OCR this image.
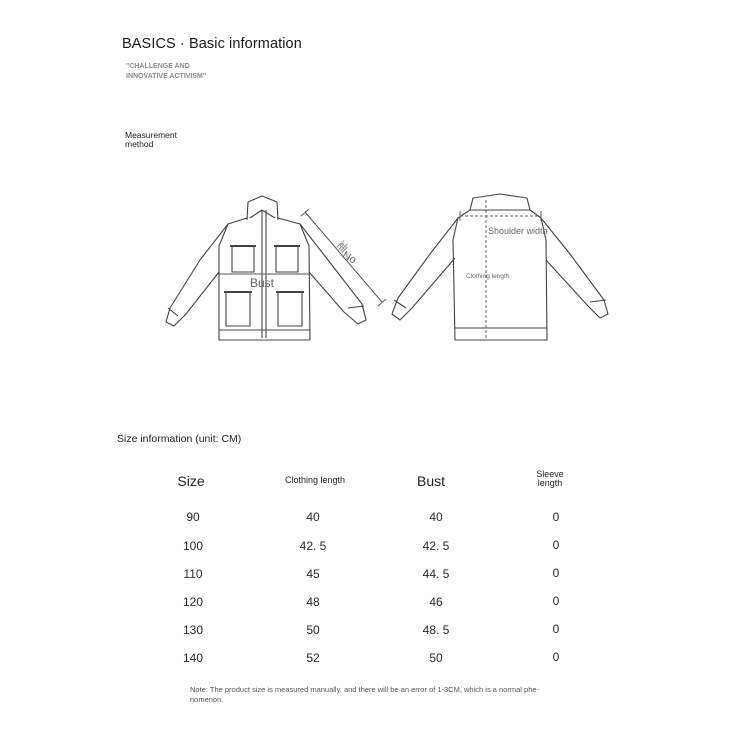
BASICS · Basic information
"CHALLENGE AND
INNOVATIVE ACTIVISM"
Measurement
method
Bust
袖
No
Shoulder width
Clothing length
Size information (unit: CM)
Size	Clothing length	Bust	Sleeve
length
90	40	40	0
100	42. 5	42. 5	0
110	45	44. 5	0
120	48	46	0
130	50	48. 5	0
140	52	50	0
Note: The product size is measured manually, and there will be an error of 1-3CM, which is a normal phe-
nomenon.
